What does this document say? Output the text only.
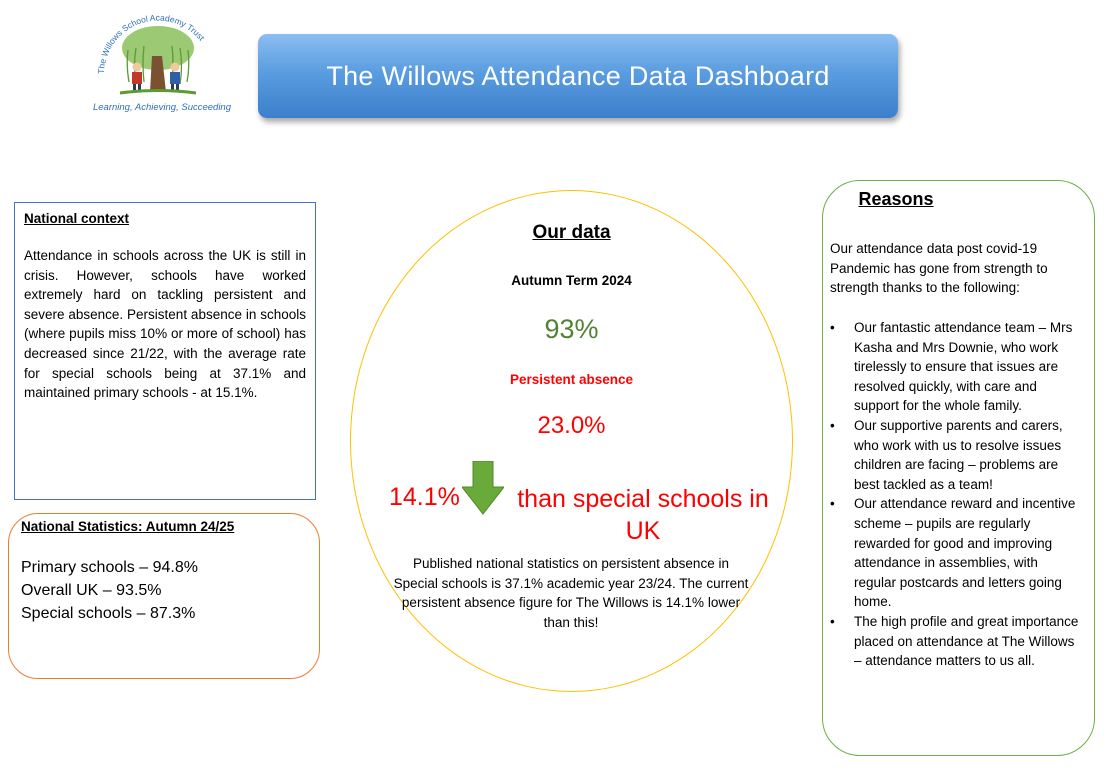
The Willows School Academy Trust
Learning, Achieving, Succeeding
The Willows Attendance Data Dashboard
National context
Attendance in schools across the UK is still in crisis. However, schools have worked extremely hard on tackling persistent and severe absence. Persistent absence in schools (where pupils miss 10% or more of school) has decreased since 21/22, with the average rate for special schools being at 37.1% and maintained primary schools - at 15.1%.
National Statistics: Autumn 24/25
Primary schools – 94.8%
Overall UK – 93.5%
Special schools – 87.3%
Our data
Autumn Term 2024
93%
Persistent absence
23.0%
14.1%	than special schools in UK
Published national statistics on persistent absence in Special schools is 37.1% academic year 23/24. The current persistent absence figure for The Willows is 14.1% lower than this!
Reasons
Our attendance data post covid-19 Pandemic has gone from strength to strength thanks to the following:
• Our fantastic attendance team – Mrs Kasha and Mrs Downie, who work tirelessly to ensure that issues are resolved quickly, with care and support for the whole family.
• Our supportive parents and carers, who work with us to resolve issues children are facing – problems are best tackled as a team!
• Our attendance reward and incentive scheme – pupils are regularly rewarded for good and improving attendance in assemblies, with regular postcards and letters going home.
• The high profile and great importance placed on attendance at The Willows – attendance matters to us all.
